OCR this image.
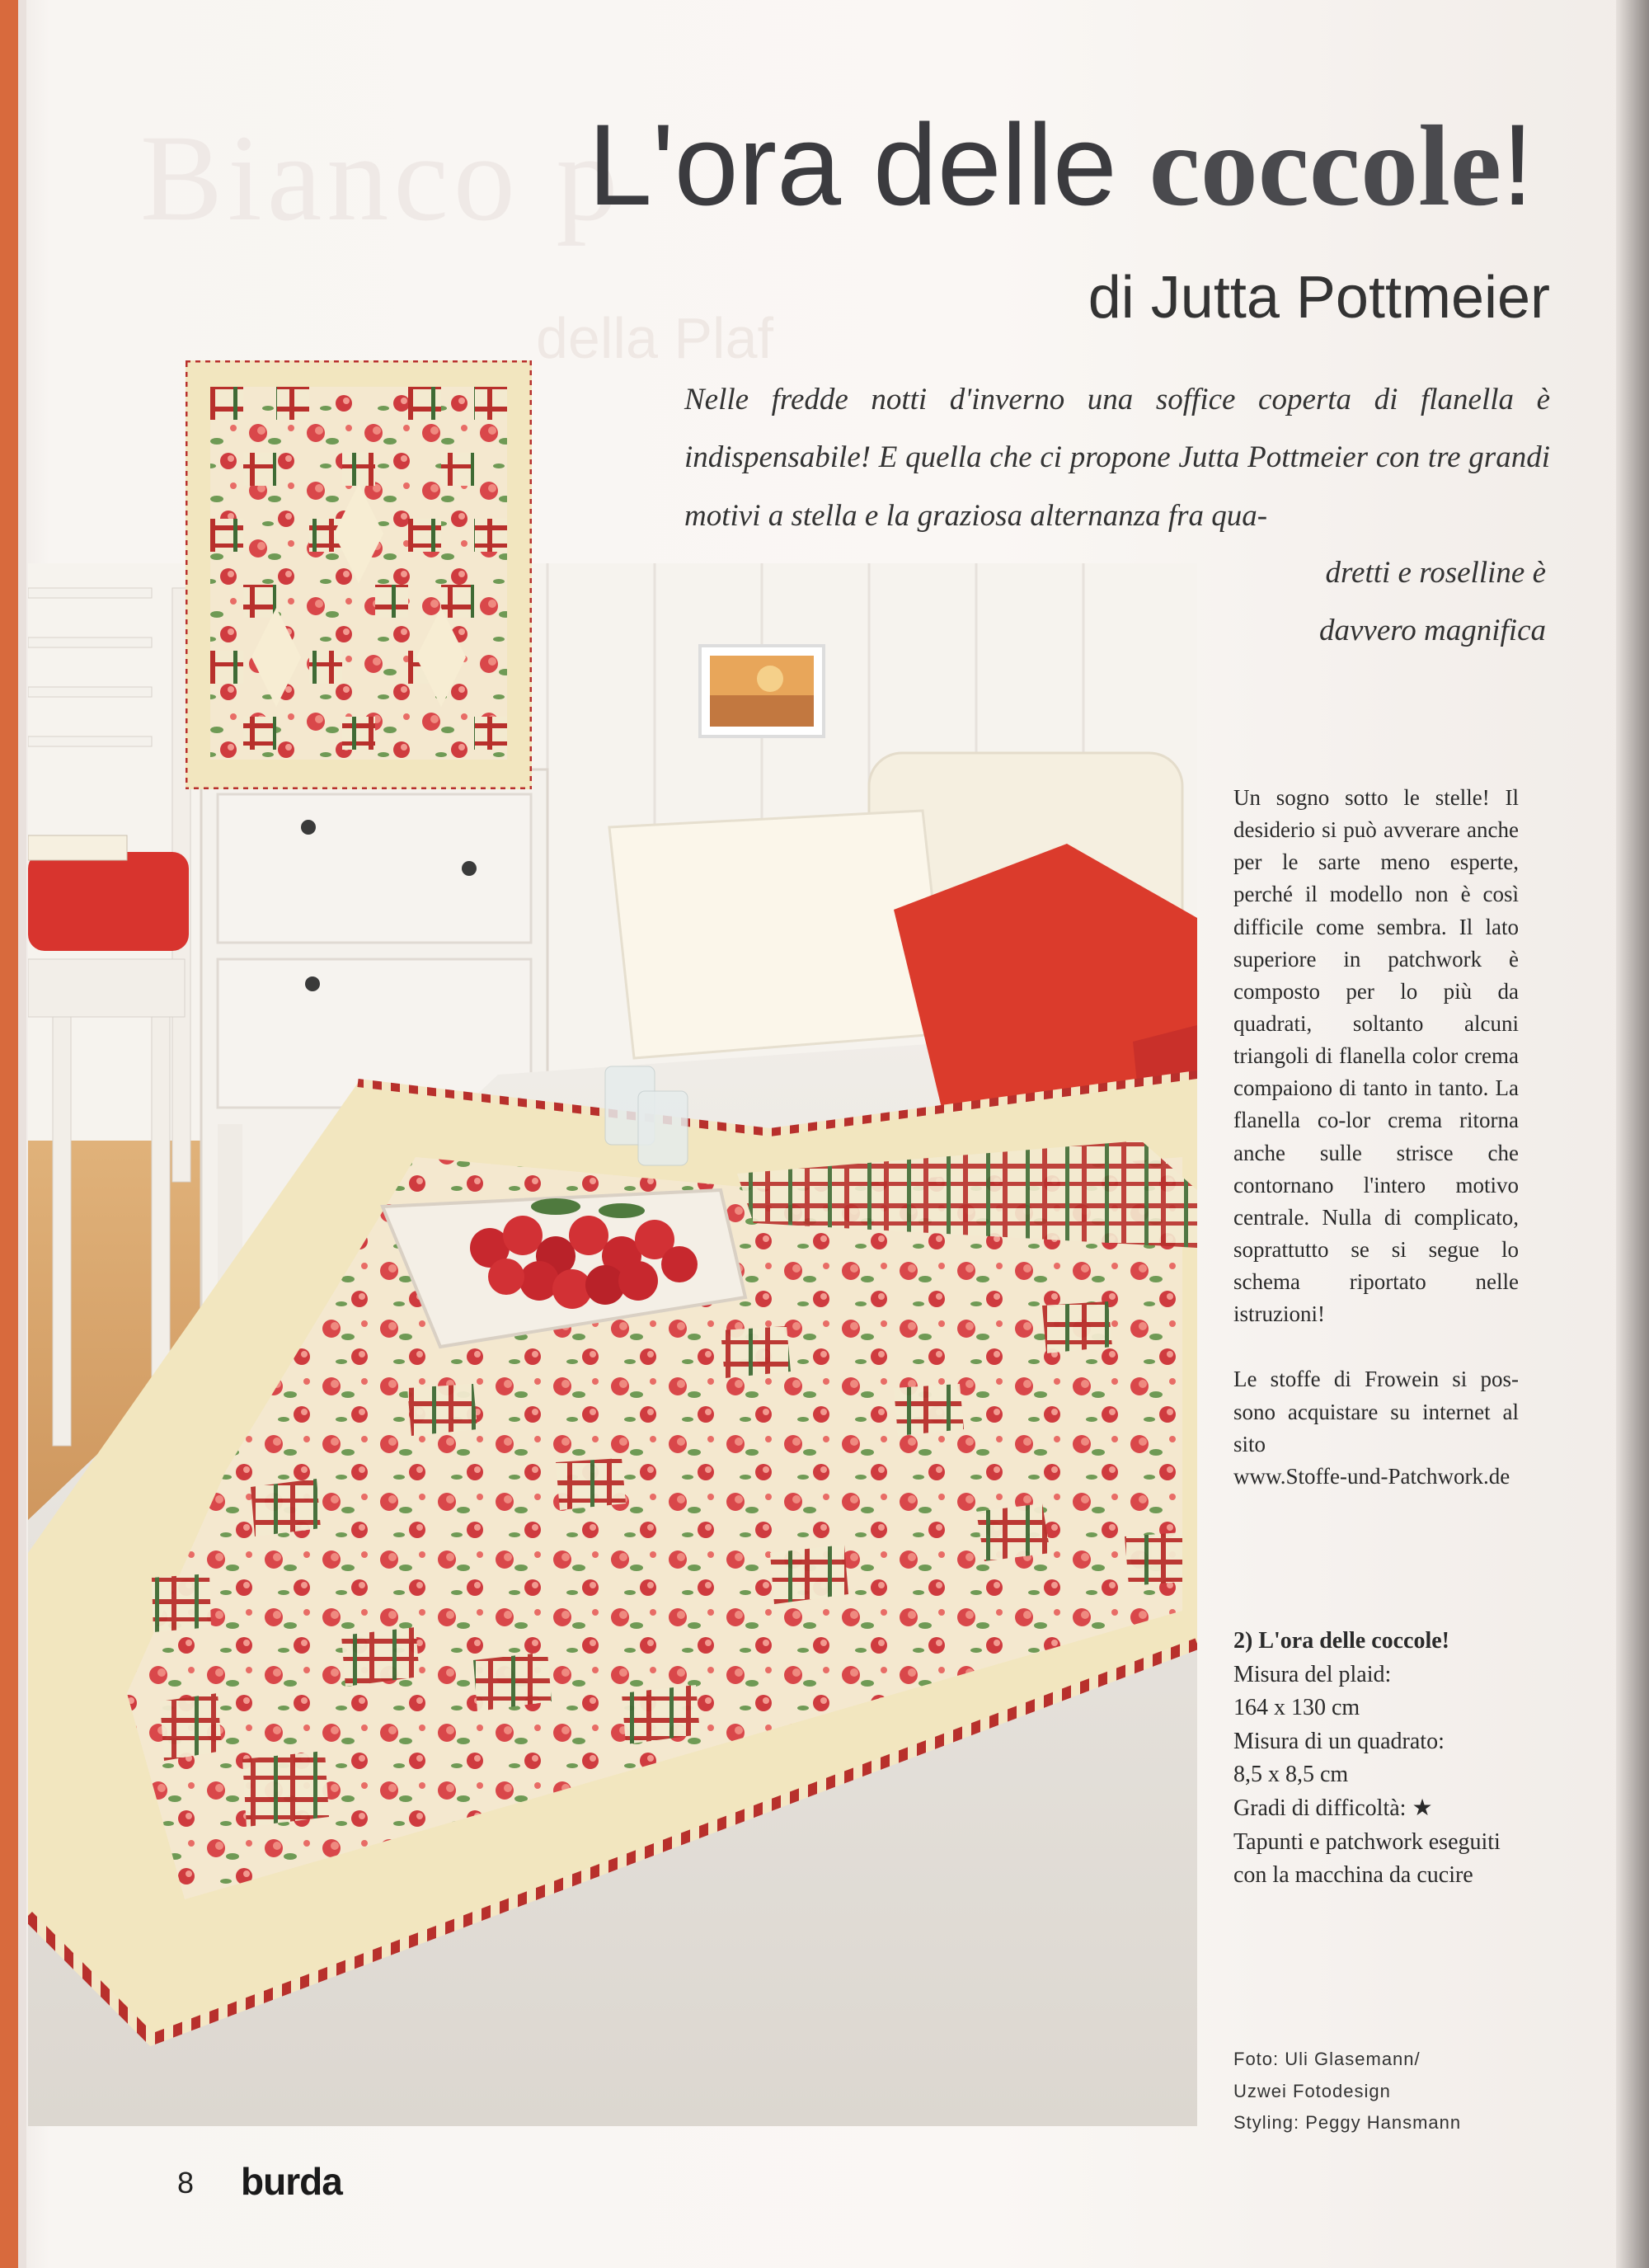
Bianco p
della Plaf
L'ora delle coccole!
di Jutta Pottmeier
Nelle fredde notti d'inverno una soffice coperta di flanella è indispensabile! E quella che ci propone Jutta Pottmeier con tre grandi motivi a stella e la graziosa alternanza fra qua-
dretti e roselline è davvero magnifica

Un sogno sotto le stelle! Il desiderio si può avverare anche per le sarte meno esperte, perché il modello non è così difficile come sembra. Il lato superiore in patchwork è composto per lo più da quadrati, soltanto alcuni triangoli di flanella color crema compaiono di tanto in tanto. La flanella co-lor crema ritorna anche sulle strisce che contornano l'intero motivo centrale. Nulla di complicato, soprattutto se si segue lo schema riportato nelle istruzioni!

Le stoffe di Frowein si pos-sono acquistare su internet al sito
www.Stoffe-und-Patchwork.de

2) L'ora delle coccole!
Misura del plaid:
164 x 130 cm
Misura di un quadrato:
8,5 x 8,5 cm
Gradi di difficoltà: ★
Tapunti e patchwork eseguiti con la macchina da cucire
Foto: Uli Glasemann/
Uzwei Fotodesign
Styling: Peggy Hansmann
8 burda
